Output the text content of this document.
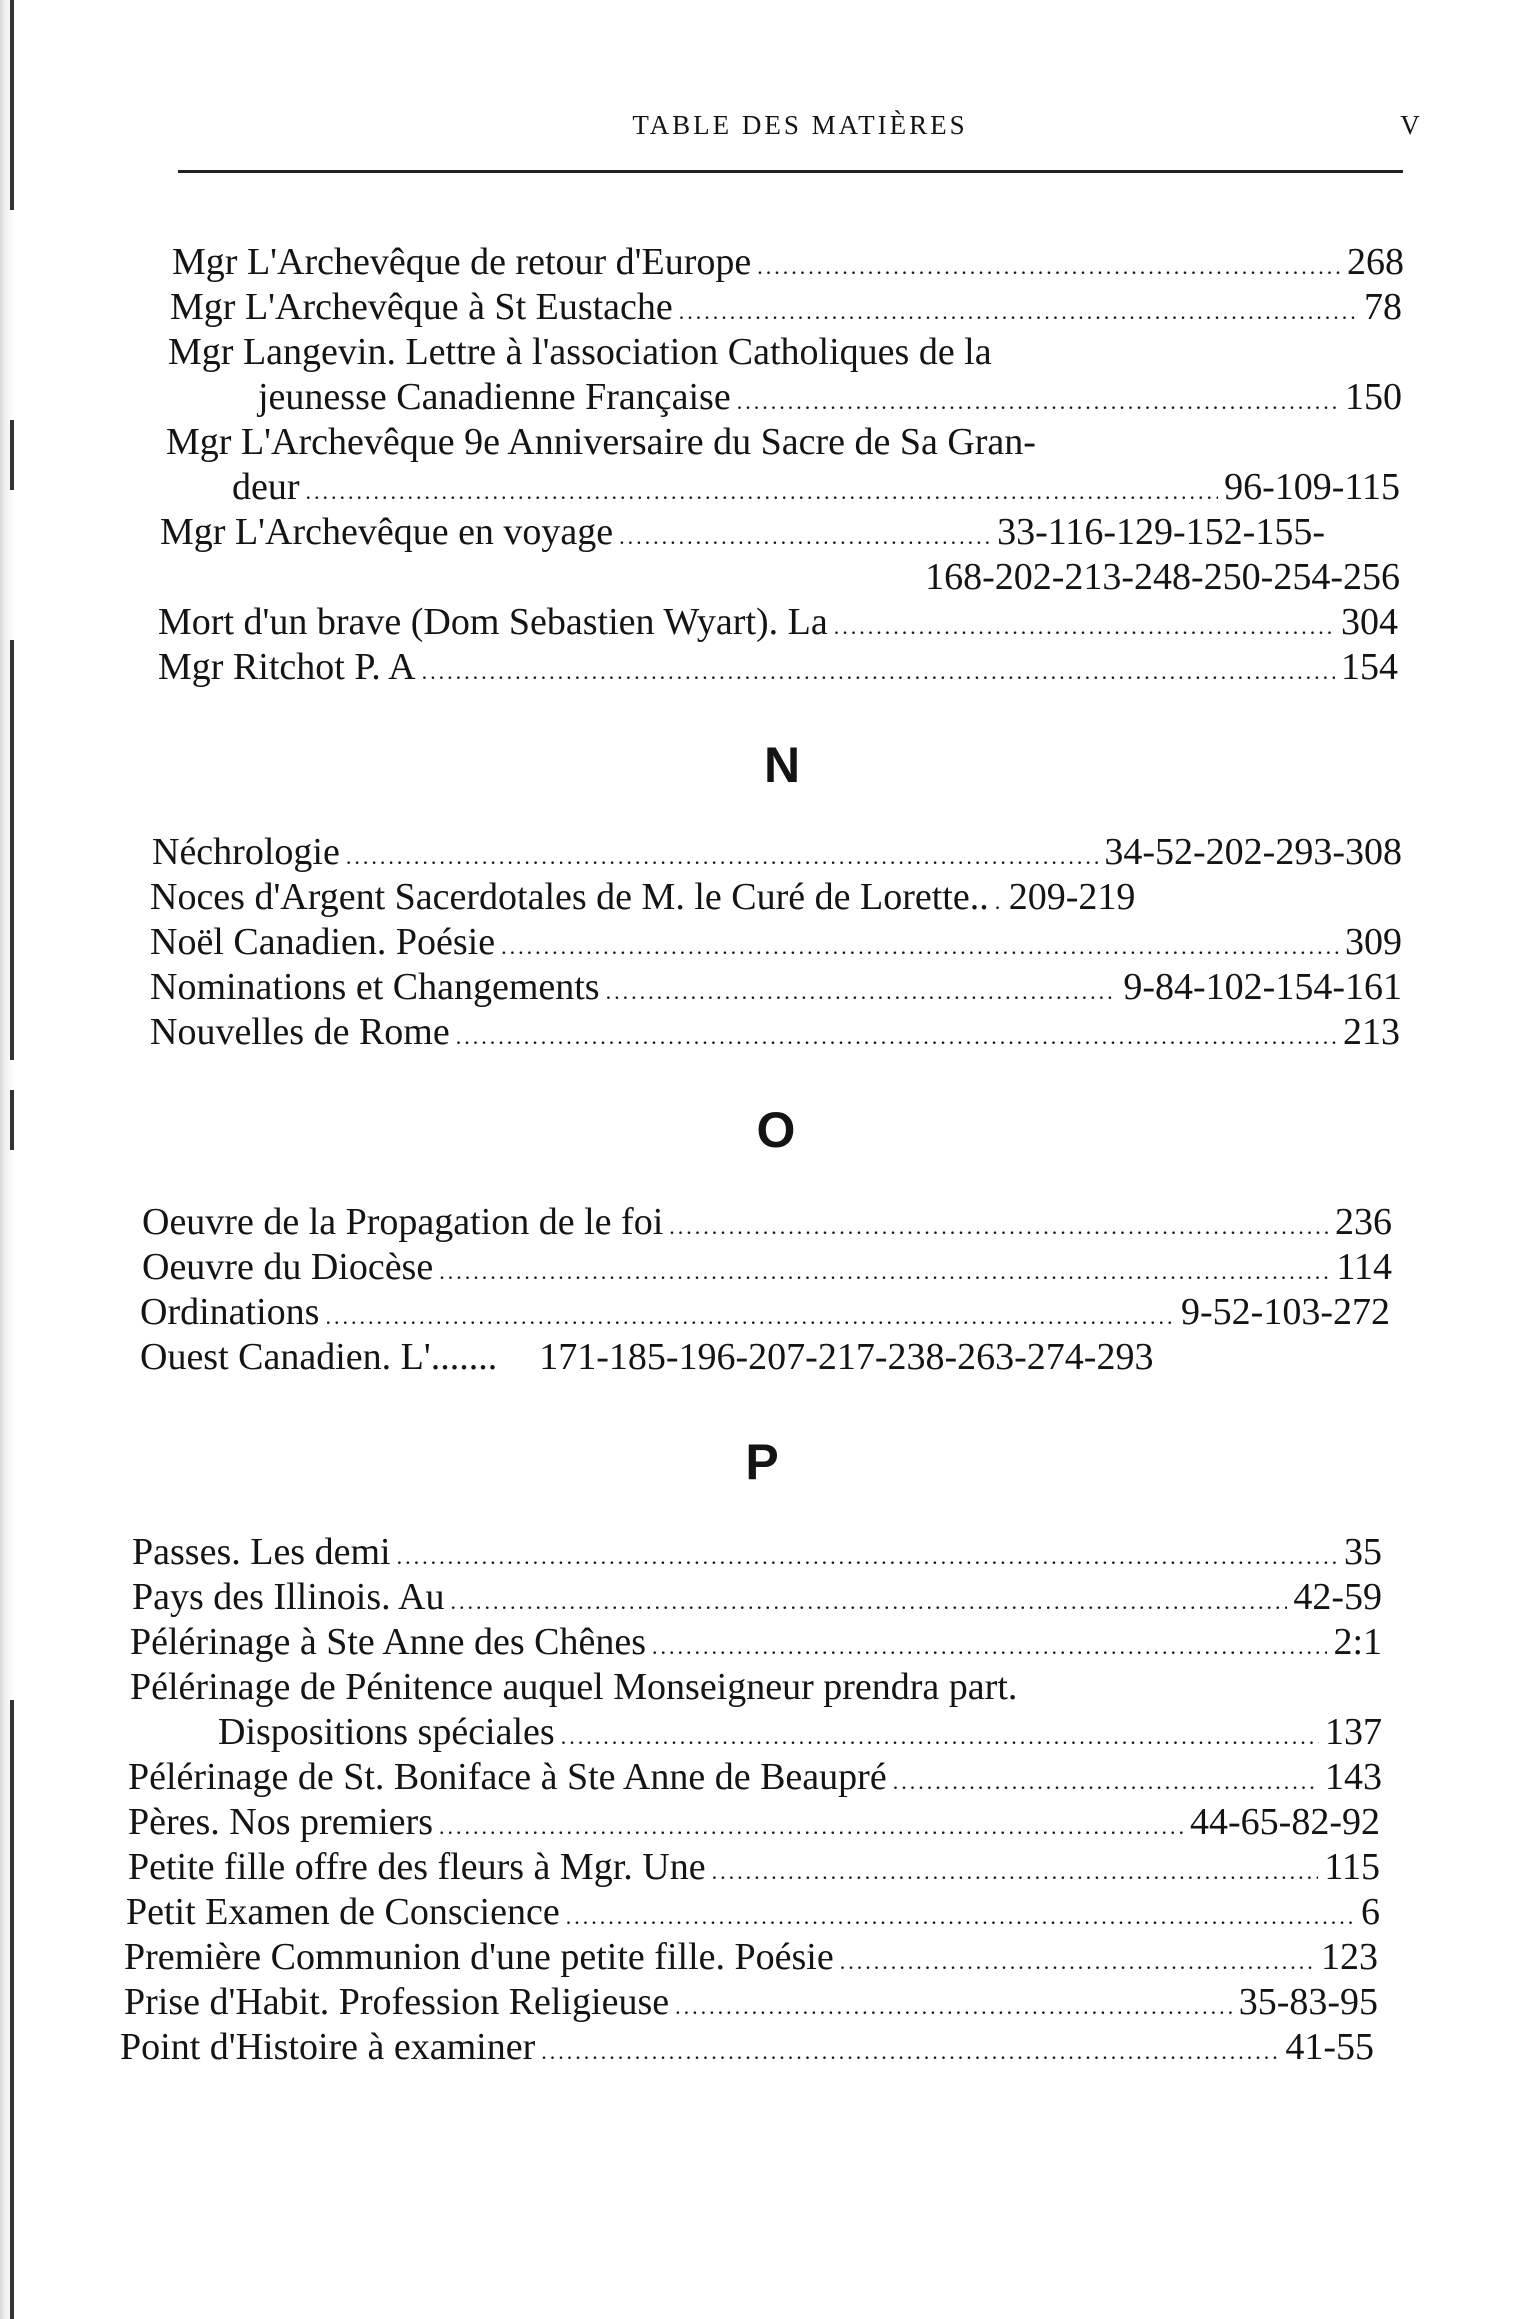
TABLE DES MATIÈRES	V
Mgr L'Archevêque de retour d'Europe .....	268
Mgr L'Archevêque à St Eustache .....	78
Mgr Langevin. Lettre à l'association Catholiques de la
jeunesse Canadienne Française .....	150
Mgr L'Archevêque 9e Anniversaire du Sacre de Sa Gran-
deur .....	96-109-115
Mgr L'Archevêque en voyage .....	33-116-129-152-155-
168-202-213-248-250-254-256
Mort d'un brave (Dom Sebastien Wyart). La .....	304
Mgr Ritchot P. A .....	154
N
Néchrologie .....	34-52-202-293-308
Noces d'Argent Sacerdotales de M. le Curé de Lorette.. ..... 209-219
Noël Canadien. Poésie .....	309
Nominations et Changements .....	9-84-102-154-161
Nouvelles de Rome .....	213
O
Oeuvre de la Propagation de le foi .....	236
Oeuvre du Diocèse .....	114
Ordinations .....	9-52-103-272
Ouest Canadien. L'....... 171-185-196-207-217-238-263-274-293
P
Passes. Les demi .....	35
Pays des Illinois. Au .....	42-59
Pélérinage à Ste Anne des Chênes .....	2:1
Pélérinage de Pénitence auquel Monseigneur prendra part.
Dispositions spéciales .....	137
Pélérinage de St. Boniface à Ste Anne de Beaupré .....	143
Pères. Nos premiers .....	44-65-82-92
Petite fille offre des fleurs à Mgr. Une .....	115
Petit Examen de Conscience .....	6
Première Communion d'une petite fille. Poésie .....	123
Prise d'Habit. Profession Religieuse .....	35-83-95
Point d'Histoire à examiner .....	41-55
